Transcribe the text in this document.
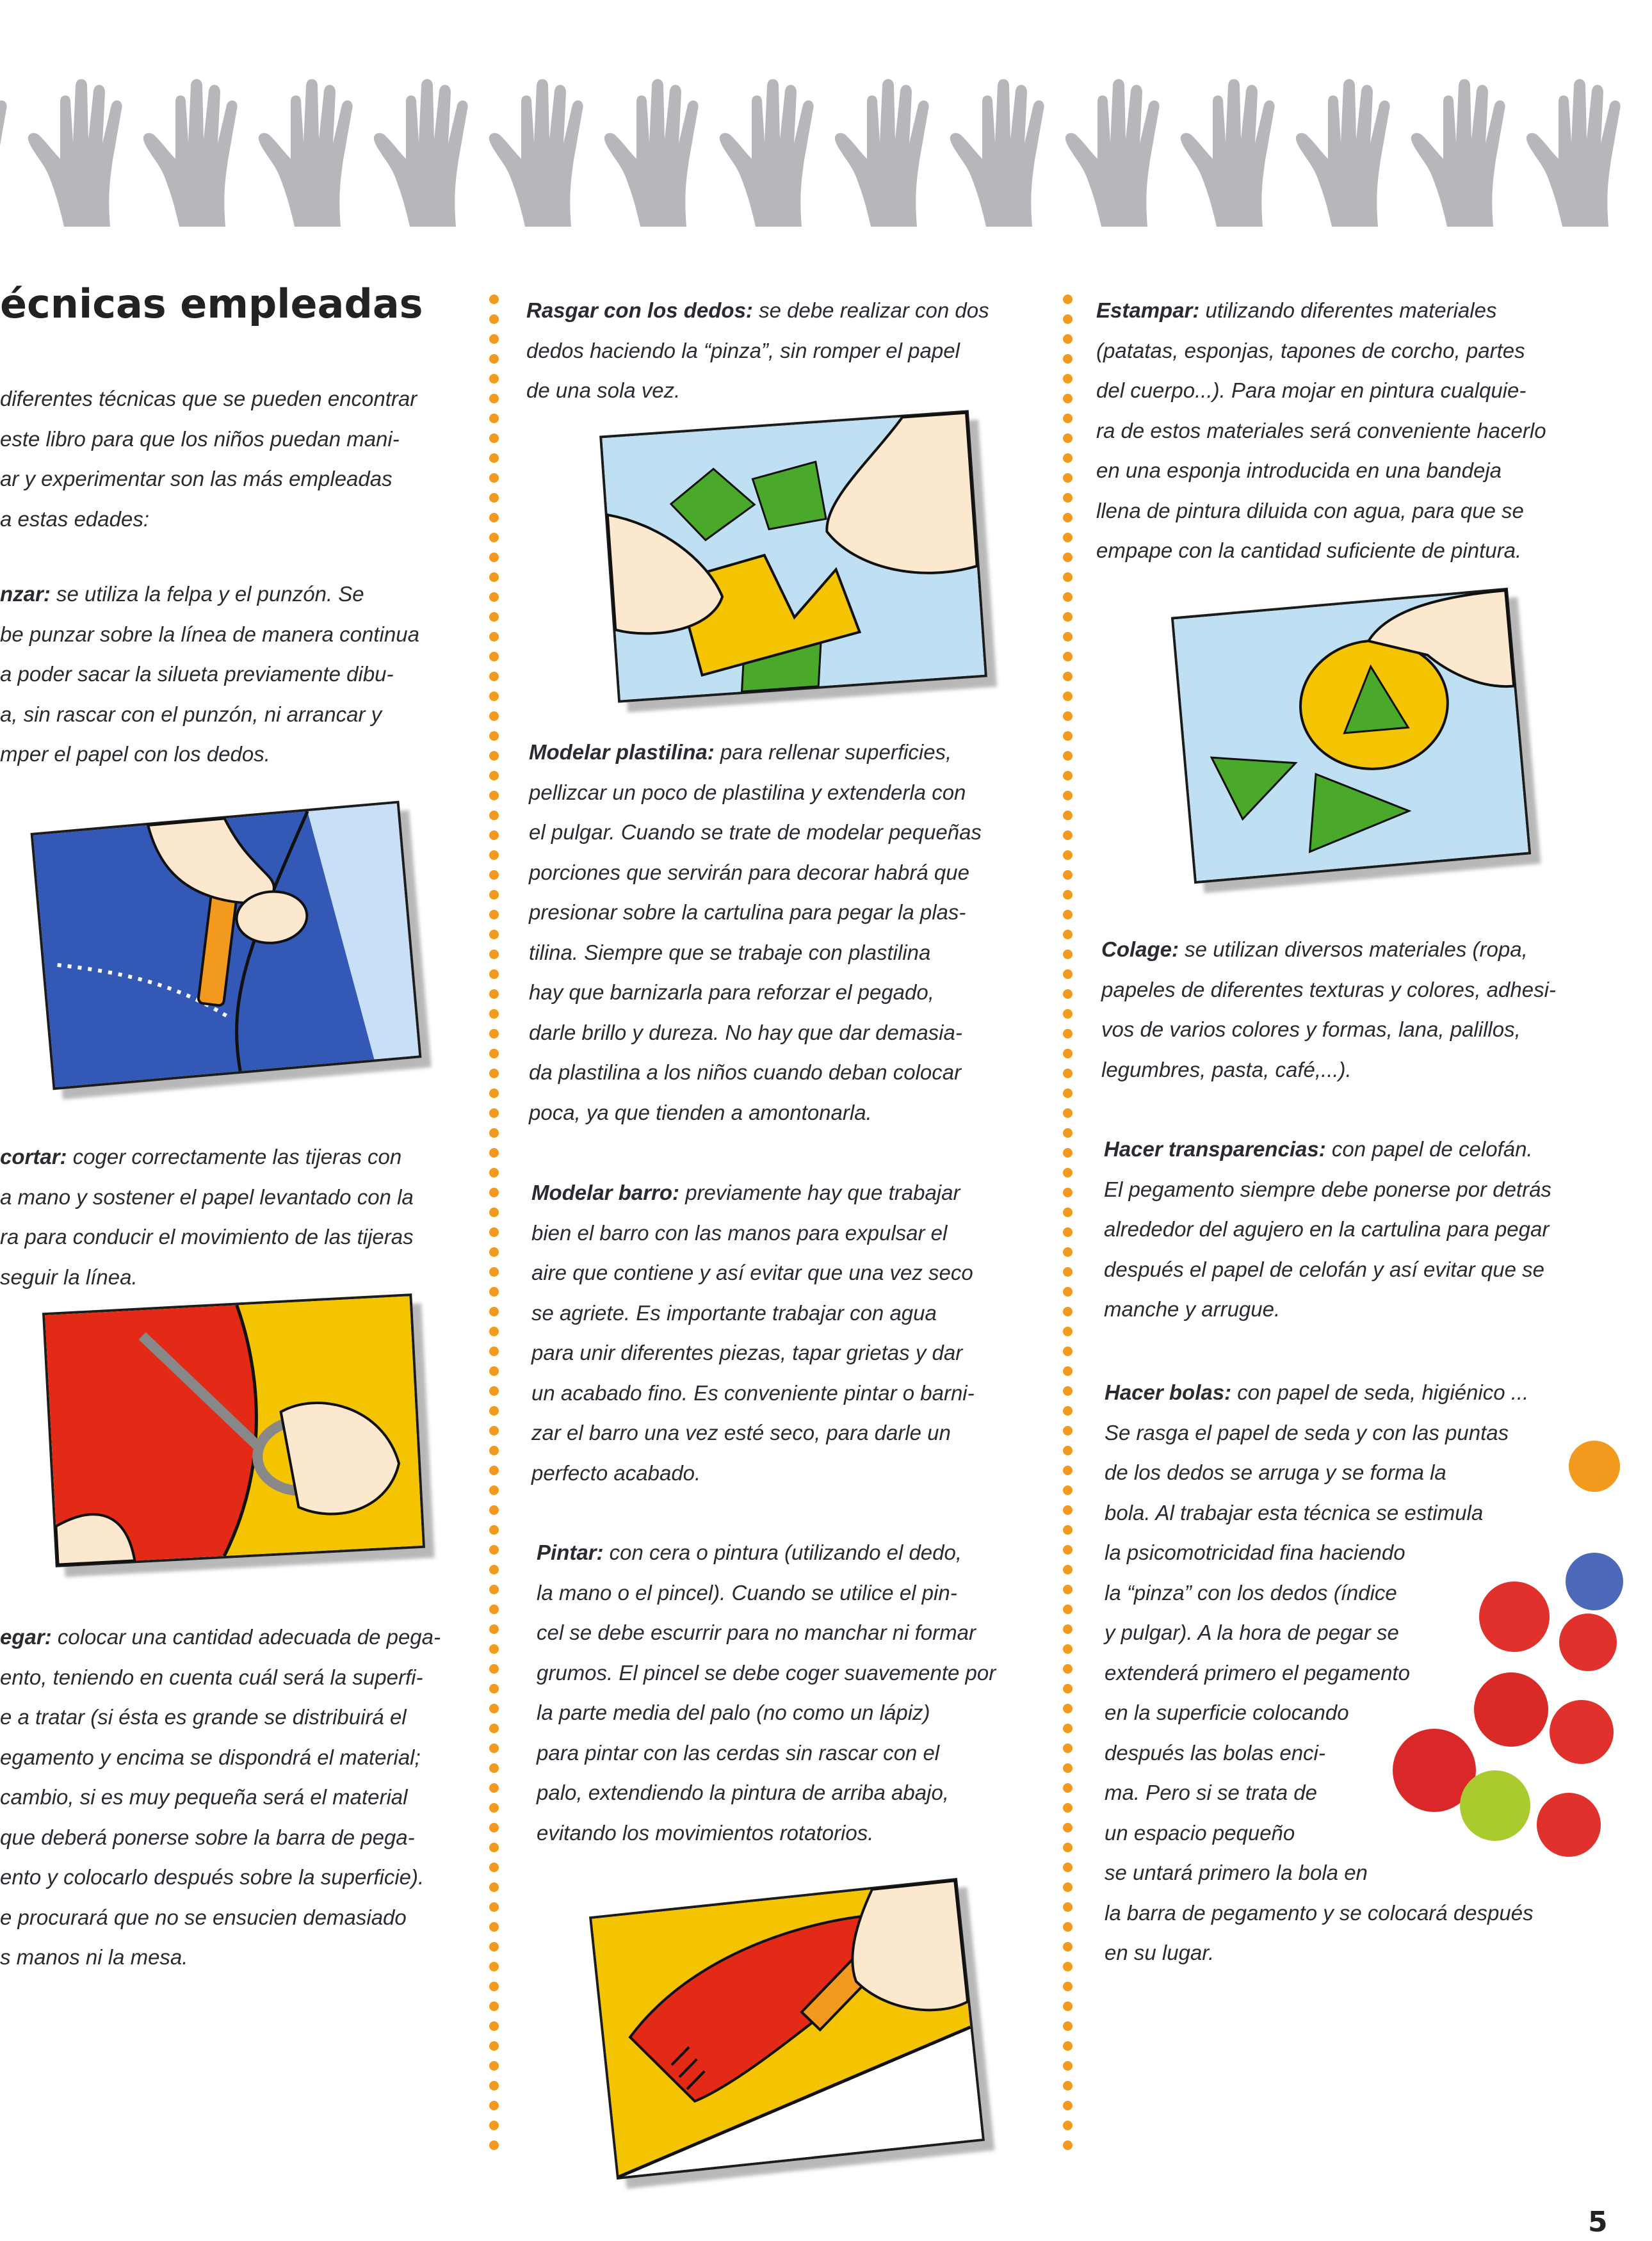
écnicas empleadas

diferentes técnicas que se pueden encontrar

este libro para que los niños puedan mani-

ar y experimentar son las más empleadas

a estas edades:

nzar: se utiliza la felpa y el punzón. Se

be punzar sobre la línea de manera continua

a poder sacar la silueta previamente dibu-

a, sin rascar con el punzón, ni arrancar y

mper el papel con los dedos.

cortar: coger correctamente las tijeras con

a mano y sostener el papel levantado con la

ra para conducir el movimiento de las tijeras

seguir la línea.

egar: colocar una cantidad adecuada de pega-

ento, teniendo en cuenta cuál será la superfi-

e a tratar (si ésta es grande se distribuirá el

egamento y encima se dispondrá el material;

cambio, si es muy pequeña será el material

que deberá ponerse sobre la barra de pega-

ento y colocarlo después sobre la superficie).

e procurará que no se ensucien demasiado

s manos ni la mesa.

Rasgar con los dedos: se debe realizar con dos

dedos haciendo la “pinza”, sin romper el papel

de una sola vez.

Modelar plastilina: para rellenar superficies,

pellizcar un poco de plastilina y extenderla con

el pulgar. Cuando se trate de modelar pequeñas

porciones que servirán para decorar habrá que

presionar sobre la cartulina para pegar la plas-

tilina. Siempre que se trabaje con plastilina

hay que barnizarla para reforzar el pegado,

darle brillo y dureza. No hay que dar demasia-

da plastilina a los niños cuando deban colocar

poca, ya que tienden a amontonarla.

Modelar barro: previamente hay que trabajar

bien el barro con las manos para expulsar el

aire que contiene y así evitar que una vez seco

se agriete. Es importante trabajar con agua

para unir diferentes piezas, tapar grietas y dar

un acabado fino. Es conveniente pintar o barni-

zar el barro una vez esté seco, para darle un

perfecto acabado.

Pintar: con cera o pintura (utilizando el dedo,

la mano o el pincel). Cuando se utilice el pin-

cel se debe escurrir para no manchar ni formar

grumos. El pincel se debe coger suavemente por

la parte media del palo (no como un lápiz)

para pintar con las cerdas sin rascar con el

palo, extendiendo la pintura de arriba abajo,

evitando los movimientos rotatorios.

Estampar: utilizando diferentes materiales

(patatas, esponjas, tapones de corcho, partes

del cuerpo...). Para mojar en pintura cualquie-

ra de estos materiales será conveniente hacerlo

en una esponja introducida en una bandeja

llena de pintura diluida con agua, para que se

empape con la cantidad suficiente de pintura.

Colage: se utilizan diversos materiales (ropa,

papeles de diferentes texturas y colores, adhesi-

vos de varios colores y formas, lana, palillos,

legumbres, pasta, café,...).

Hacer transparencias: con papel de celofán.

El pegamento siempre debe ponerse por detrás

alrededor del agujero en la cartulina para pegar

después el papel de celofán y así evitar que se

manche y arrugue.

Hacer bolas: con papel de seda, higiénico ...

Se rasga el papel de seda y con las puntas

de los dedos se arruga y se forma la

bola. Al trabajar esta técnica se estimula

la psicomotricidad fina haciendo

la “pinza” con los dedos (índice

y pulgar). A la hora de pegar se

extenderá primero el pegamento

en la superficie colocando

después las bolas enci-

ma. Pero si se trata de

un espacio pequeño

se untará primero la bola en

la barra de pegamento y se colocará después

en su lugar.

5
